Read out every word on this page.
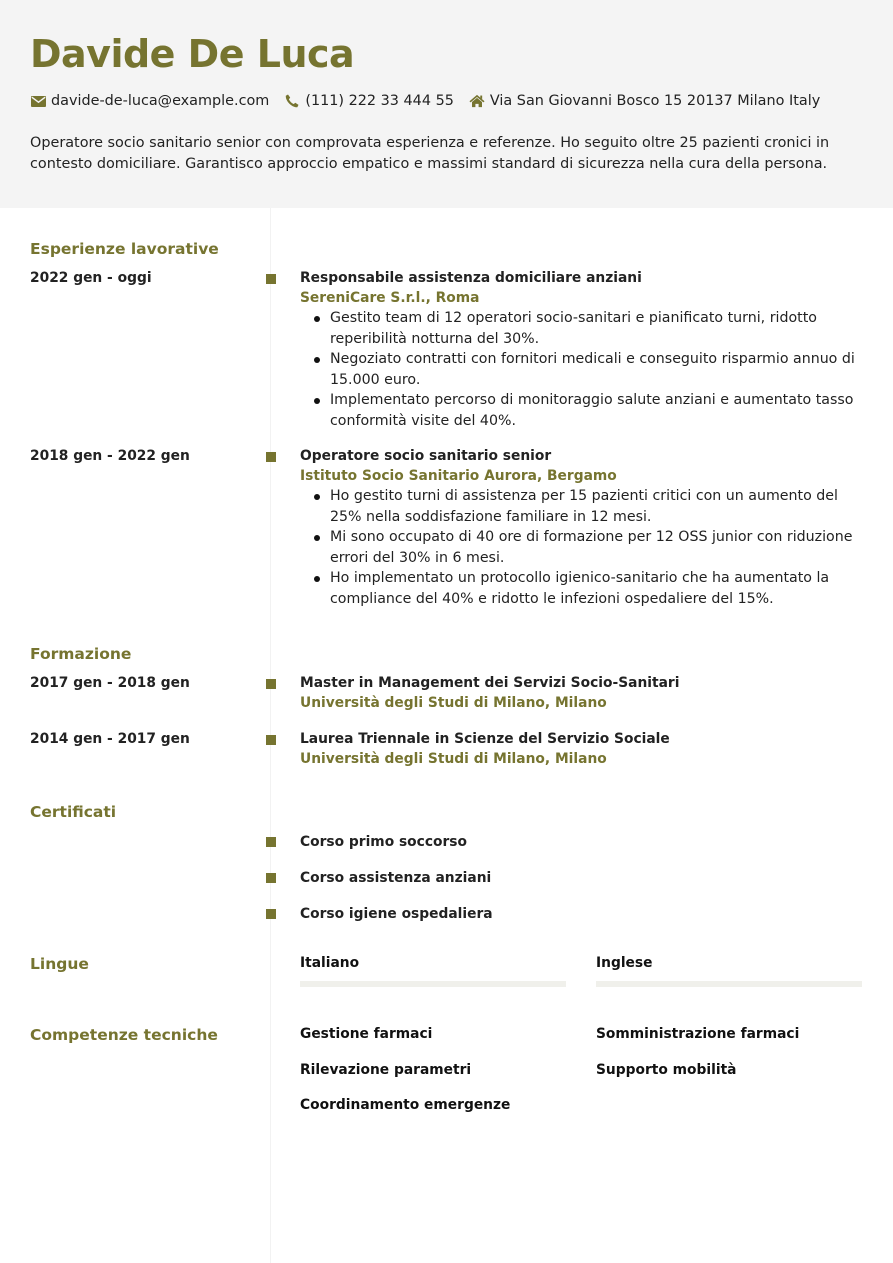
Davide De Luca
davide-de-luca@example.com	(111) 222 33 444 55	Via San Giovanni Bosco 15 20137 Milano Italy
Operatore socio sanitario senior con comprovata esperienza e referenze. Ho seguito oltre 25 pazienti cronici in contesto domiciliare. Garantisco approccio empatico e massimi standard di sicurezza nella cura della persona.
Esperienze lavorative
2022 gen - oggi	Responsabile assistenza domiciliare anziani
SereniCare S.r.l., Roma
Gestito team di 12 operatori socio-sanitari e pianificato turni, ridotto reperibilità notturna del 30%.
Negoziato contratti con fornitori medicali e conseguito risparmio annuo di 15.000 euro.
Implementato percorso di monitoraggio salute anziani e aumentato tasso conformità visite del 40%.
2018 gen - 2022 gen	Operatore socio sanitario senior
Istituto Socio Sanitario Aurora, Bergamo
Ho gestito turni di assistenza per 15 pazienti critici con un aumento del 25% nella soddisfazione familiare in 12 mesi.
Mi sono occupato di 40 ore di formazione per 12 OSS junior con riduzione errori del 30% in 6 mesi.
Ho implementato un protocollo igienico-sanitario che ha aumentato la compliance del 40% e ridotto le infezioni ospedaliere del 15%.
Formazione
2017 gen - 2018 gen	Master in Management dei Servizi Socio-Sanitari
Università degli Studi di Milano, Milano
2014 gen - 2017 gen	Laurea Triennale in Scienze del Servizio Sociale
Università degli Studi di Milano, Milano
Certificati
Corso primo soccorso
Corso assistenza anziani
Corso igiene ospedaliera
Lingue	Italiano	Inglese
Competenze tecniche	Gestione farmaci	Somministrazione farmaci
Rilevazione parametri	Supporto mobilità
Coordinamento emergenze
